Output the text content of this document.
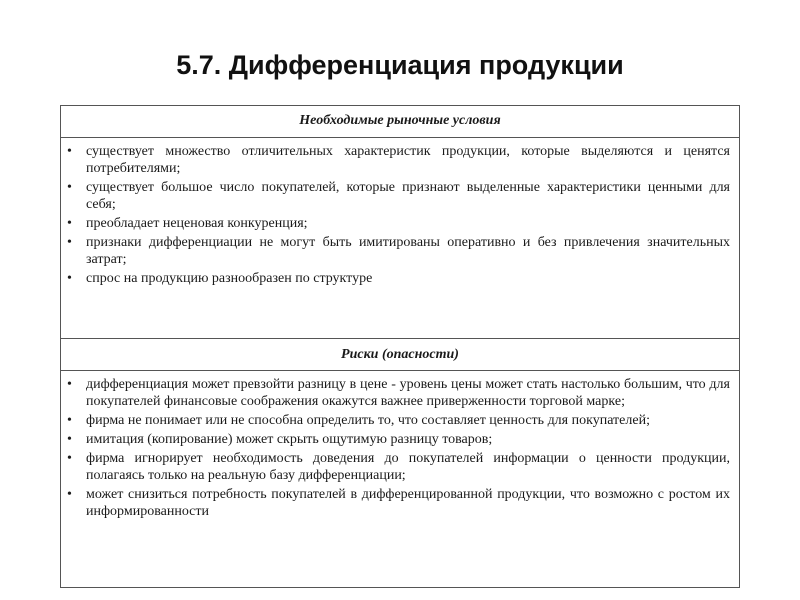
5.7. Дифференциация продукции
Необходимые рыночные условия
• существует множество отличительных характеристик продукции, которые выделяются и ценятся потребителями;
• существует большое число покупателей, которые признают выделенные характеристики ценными для себя;
• преобладает неценовая конкуренция;
• признаки дифференциации не могут быть имитированы оперативно и без привлечения значительных затрат;
• спрос на продукцию разнообразен по структуре
Риски (опасности)
• дифференциация может превзойти разницу в цене - уровень цены может стать настолько большим, что для покупателей финансовые соображения окажутся важнее приверженности торговой марке;
• фирма не понимает или не способна определить то, что составляет ценность для покупателей;
• имитация (копирование) может скрыть ощутимую разницу товаров;
• фирма игнорирует необходимость доведения до покупателей информации о ценности продукции, полагаясь только на реальную базу дифференциации;
• может снизиться потребность покупателей в дифференцированной продукции, что возможно с ростом их информированности
